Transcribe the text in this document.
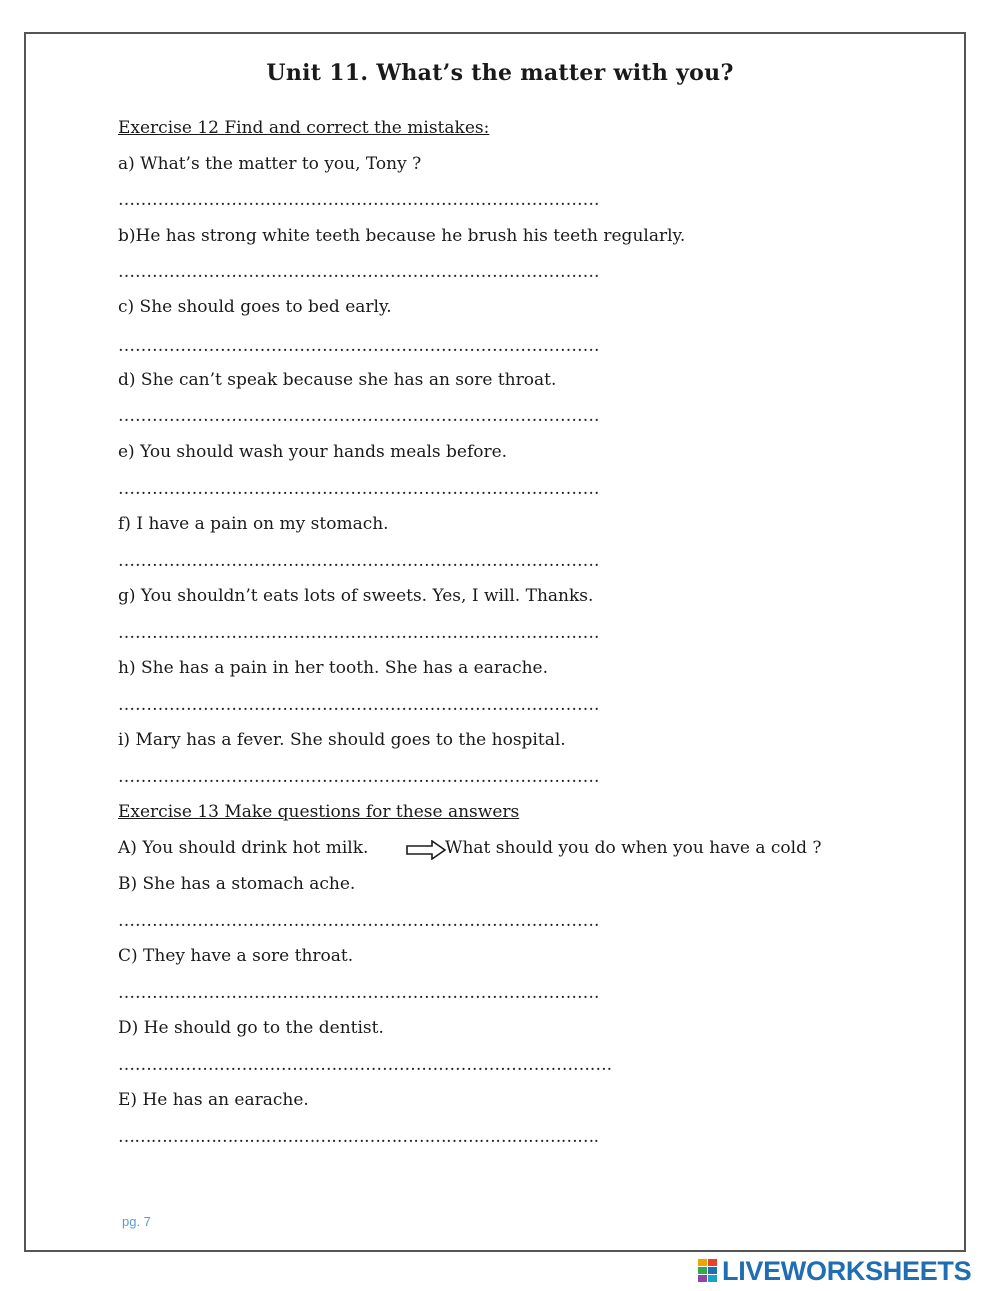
Unit 11. What’s the matter with you?
Exercise 12 Find and correct the mistakes:
a) What’s the matter to you, Tony ?
………………………………………………………………………….
b)He has strong white teeth because he brush his teeth regularly.
………………………………………………………………………….
c) She should goes to bed early.
………………………………………………………………………….
d) She can’t speak because she has an sore throat.
………………………………………………………………………….
e) You should wash your hands meals before.
………………………………………………………………………….
f) I have a pain on my stomach.
………………………………………………………………………….
g) You shouldn’t eats lots of sweets. Yes, I will. Thanks.
………………………………………………………………………….
h) She has a pain in her tooth. She has a earache.
………………………………………………………………………….
i) Mary has a fever. She should goes to the hospital.
………………………………………………………………………….
Exercise 13 Make questions for these answers
A) You should drink hot milk.	What should you do when you have a cold ?
B) She has a stomach ache.
………………………………………………………………………….
C) They have a sore throat.
………………………………………………………………………….
D) He should go to the dentist.
…………………………………………………………………………….
E) He has an earache.
…………………………………………………………………………….
pg. 7
LIVEWORKSHEETS
